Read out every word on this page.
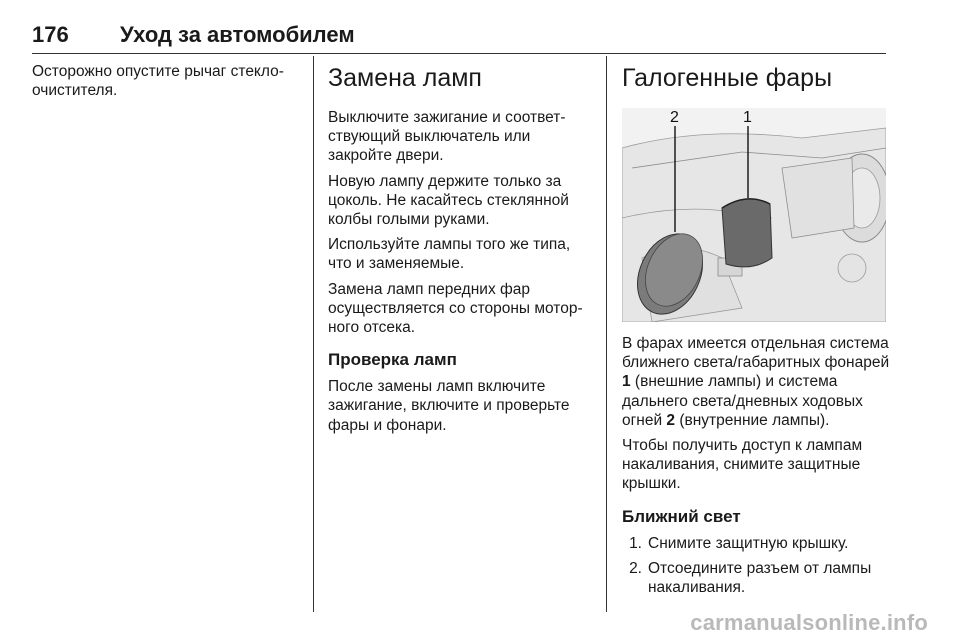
176 Уход за автомобилем

Осторожно опустите рычаг стеклоочистителя.	Замена ламп

Выключите зажигание и соответствующий выключатель или закройте двери.

Новую лампу держите только за цоколь. Не касайтесь стеклянной колбы голыми руками.

Используйте лампы того же типа, что и заменяемые.

Замена ламп передних фар осуществляется со стороны моторного отсека.

Проверка ламп

После замены ламп включите зажигание, включите и проверьте фары и фонари.

Галогенные фары
2	1

В фарах имеется отдельная система ближнего света/габаритных фонарей 1 (внешние лампы) и система дальнего света/дневных ходовых огней 2 (внутренние лампы).

Чтобы получить доступ к лампам накаливания, снимите защитные крышки.

Ближний свет
1. Снимите защитную крышку.
2. Отсоедините разъем от лампы накаливания.
carmanualsonline.info
